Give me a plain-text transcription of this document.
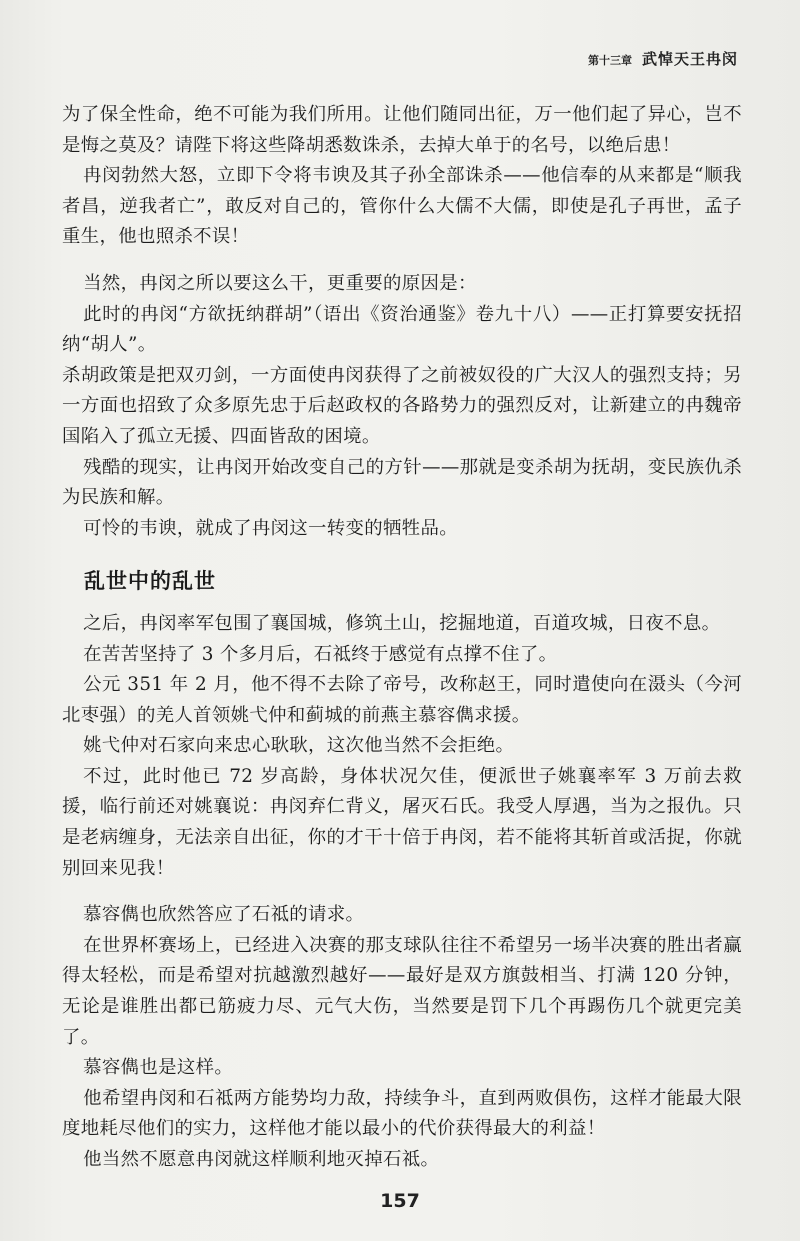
第十三章 武悼天王冉闵

为了保全性命，绝不可能为我们所用。让他们随同出征，万一他们起了异心，岂不是悔之莫及？请陛下将这些降胡悉数诛杀，去掉大单于的名号，以绝后患！

冉闵勃然大怒，立即下令将韦谀及其子孙全部诛杀——他信奉的从来都是“顺我者昌，逆我者亡”，敢反对自己的，管你什么大儒不大儒，即使是孔子再世，孟子重生，他也照杀不误！

当然，冉闵之所以要这么干，更重要的原因是：

此时的冉闵“方欲抚纳群胡”（语出《资治通鉴》卷九十八）——正打算要安抚招纳“胡人”。

杀胡政策是把双刃剑，一方面使冉闵获得了之前被奴役的广大汉人的强烈支持；另一方面也招致了众多原先忠于后赵政权的各路势力的强烈反对，让新建立的冉魏帝国陷入了孤立无援、四面皆敌的困境。

残酷的现实，让冉闵开始改变自己的方针——那就是变杀胡为抚胡，变民族仇杀为民族和解。

可怜的韦谀，就成了冉闵这一转变的牺牲品。

乱世中的乱世

之后，冉闵率军包围了襄国城，修筑土山，挖掘地道，百道攻城，日夜不息。

在苦苦坚持了 3 个多月后，石祗终于感觉有点撑不住了。

公元 351 年 2 月，他不得不去除了帝号，改称赵王，同时遣使向在滠头（今河北枣强）的羌人首领姚弋仲和蓟城的前燕主慕容儁求援。

姚弋仲对石家向来忠心耿耿，这次他当然不会拒绝。

不过，此时他已 72 岁高龄，身体状况欠佳，便派世子姚襄率军 3 万前去救援，临行前还对姚襄说：冉闵弃仁背义，屠灭石氏。我受人厚遇，当为之报仇。只是老病缠身，无法亲自出征，你的才干十倍于冉闵，若不能将其斩首或活捉，你就别回来见我！

慕容儁也欣然答应了石祗的请求。

在世界杯赛场上，已经进入决赛的那支球队往往不希望另一场半决赛的胜出者赢得太轻松，而是希望对抗越激烈越好——最好是双方旗鼓相当、打满 120 分钟，无论是谁胜出都已筋疲力尽、元气大伤，当然要是罚下几个再踢伤几个就更完美了。

慕容儁也是这样。

他希望冉闵和石祗两方能势均力敌，持续争斗，直到两败俱伤，这样才能最大限度地耗尽他们的实力，这样他才能以最小的代价获得最大的利益！

他当然不愿意冉闵就这样顺利地灭掉石祗。

157
